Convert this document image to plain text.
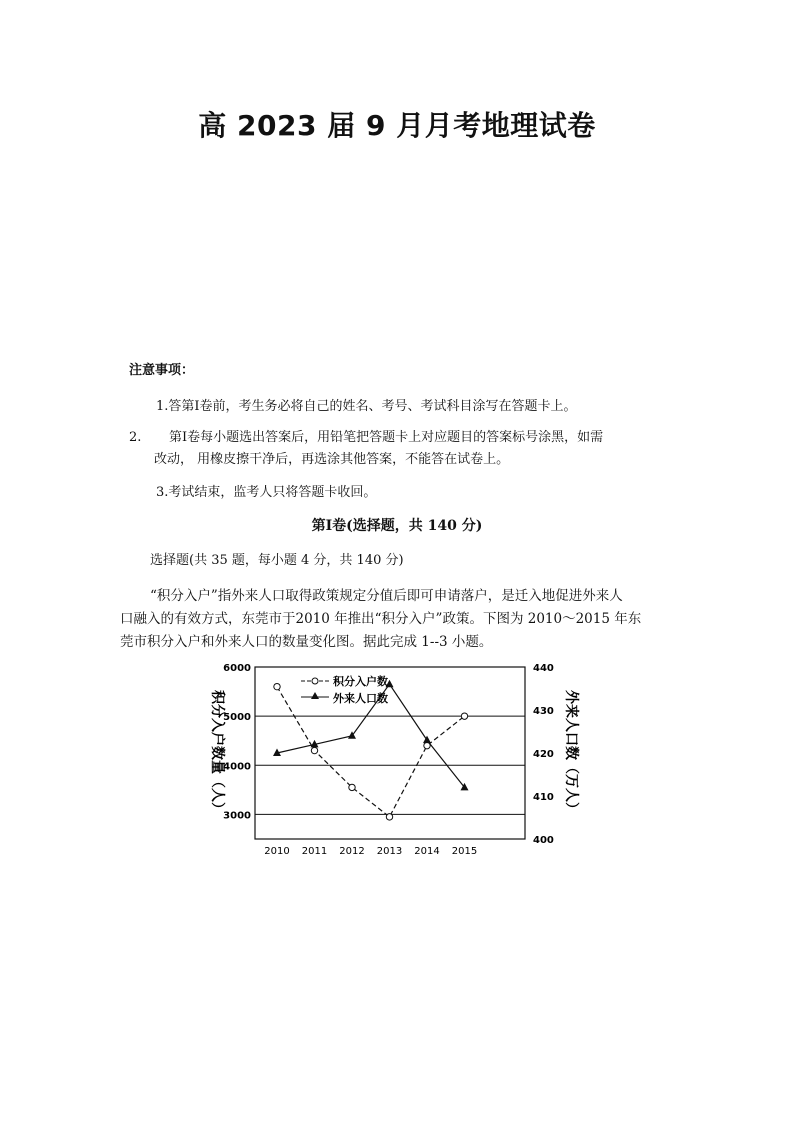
高 2023 届 9 月月考地理试卷
注意事项：
1.答第Ⅰ卷前，考生务必将自己的姓名、考号、考试科目涂写在答题卡上。
2. 第Ⅰ卷每小题选出答案后，用铅笔把答题卡上对应题目的答案标号涂黑，如需
改动， 用橡皮擦干净后，再选涂其他答案，不能答在试卷上。
3.考试结束，监考人只将答题卡收回。
第Ⅰ卷(选择题，共 140 分)
选择题(共 35 题，每小题 4 分，共 140 分)
“积分入户”指外来人口取得政策规定分值后即可申请落户，是迁入地促进外来人
口融入的有效方式，东莞市于2010 年推出“积分入户”政策。下图为 2010～2015 年东
莞市积分入户和外来人口的数量变化图。据此完成 1--3 小题。
3000
4000
5000
6000
400
410
420
430
440
2010 2011 2012 2013 2014 2015
积分入户数量（人）	外来人口数（万人）
积分入户数
外来人口数
